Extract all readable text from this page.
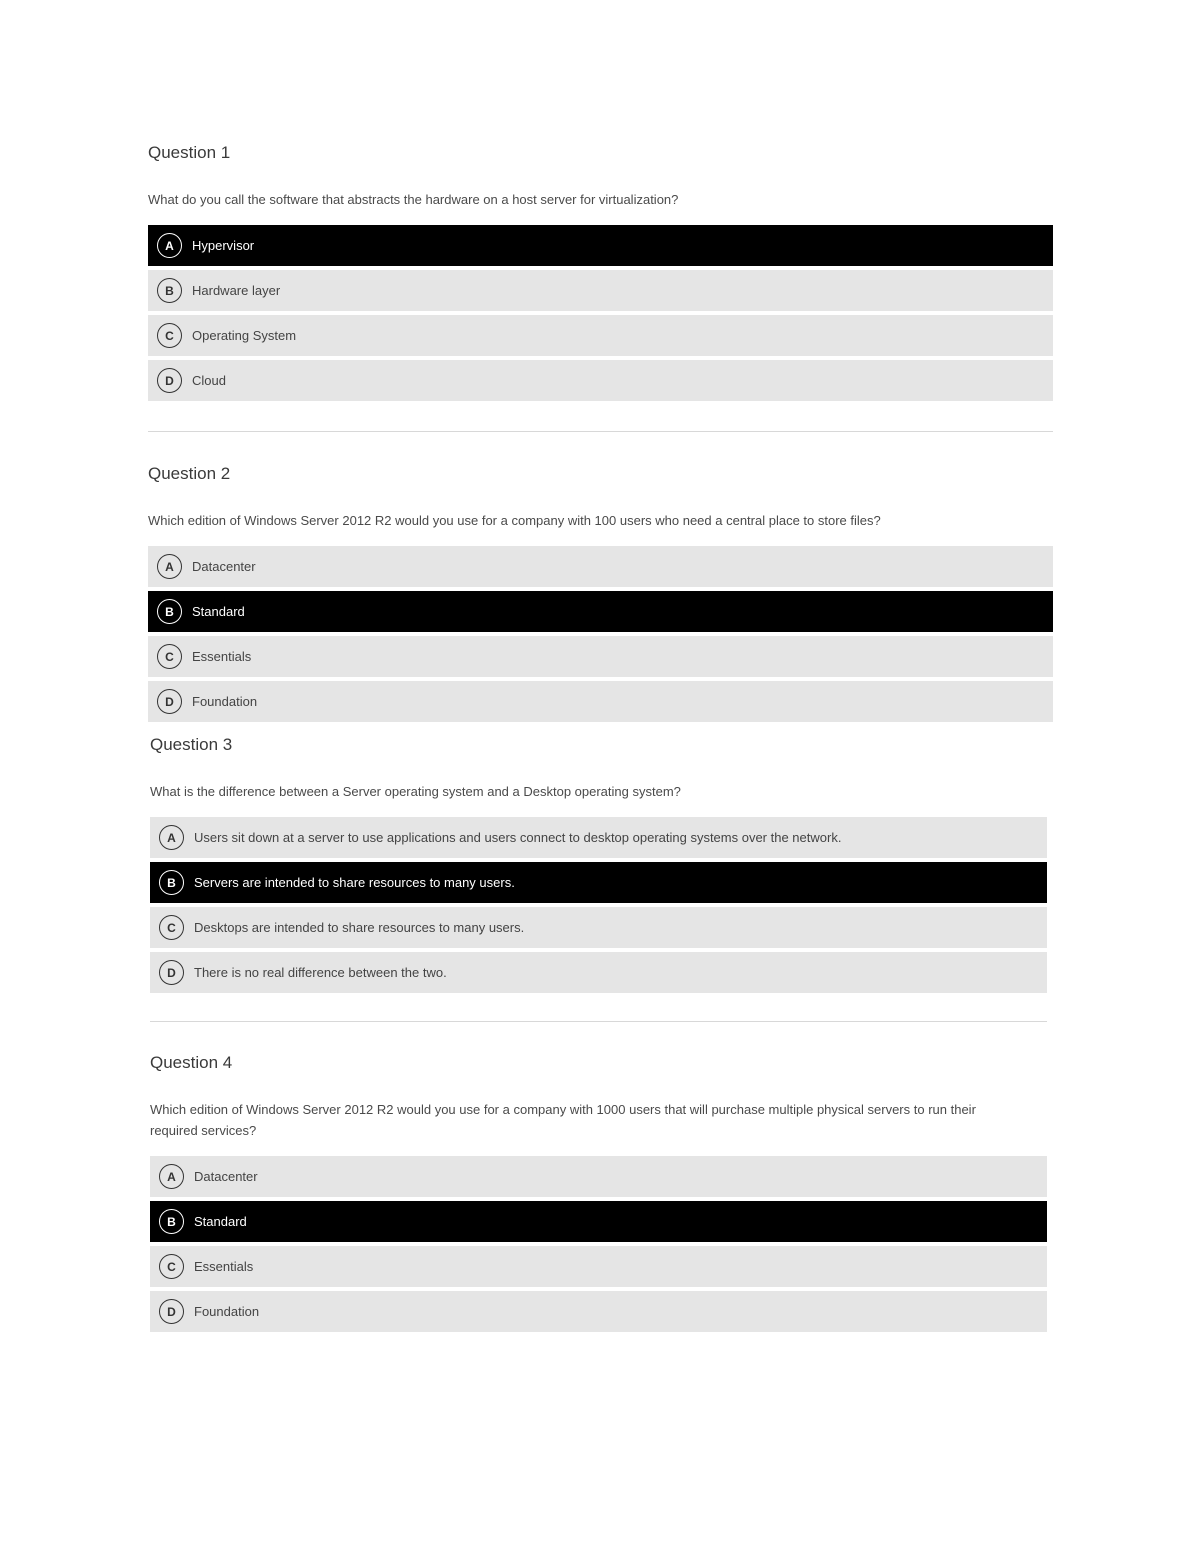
Question 1

What do you call the software that abstracts the hardware on a host server for virtualization?

A	Hypervisor
B	Hardware layer
C	Operating System
D	Cloud
Question 2

Which edition of Windows Server 2012 R2 would you use for a company with 100 users who need a central place to store files?

A	Datacenter
B	Standard
C	Essentials
D	Foundation
Question 3

What is the difference between a Server operating system and a Desktop operating system?

A	Users sit down at a server to use applications and users connect to desktop operating systems over the network.
B	Servers are intended to share resources to many users.
C	Desktops are intended to share resources to many users.
D	There is no real difference between the two.
Question 4

Which edition of Windows Server 2012 R2 would you use for a company with 1000 users that will purchase multiple physical servers to run their required services?

A	Datacenter
B	Standard
C	Essentials
D	Foundation
